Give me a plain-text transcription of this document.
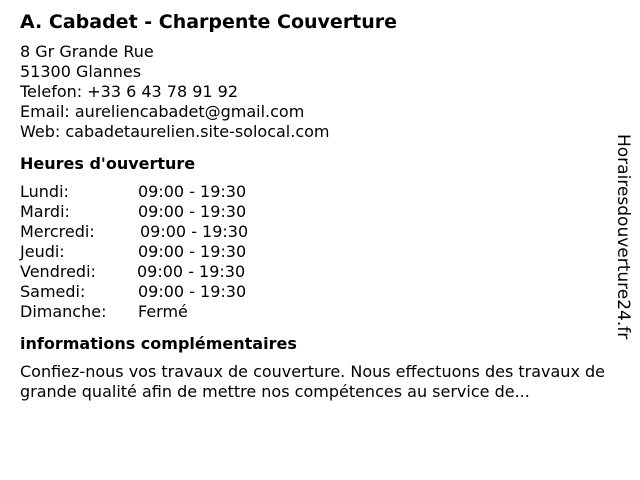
A. Cabadet - Charpente Couverture
8 Gr Grande Rue
51300 Glannes
Telefon: +33 6 43 78 91 92
Email: aureliencabadet@gmail.com
Web: cabadetaurelien.site-solocal.com
Heures d'ouverture
Lundi:	09:00 - 19:30
Mardi:	09:00 - 19:30
Mercredi:	09:00 - 19:30
Jeudi:	09:00 - 19:30
Vendredi:	09:00 - 19:30
Samedi:	09:00 - 19:30
Dimanche:	Fermé
informations complémentaires
Confiez-nous vos travaux de couverture. Nous effectuons des travaux de grande qualité afin de mettre nos compétences au service de...
Horairesdouverture24.fr
